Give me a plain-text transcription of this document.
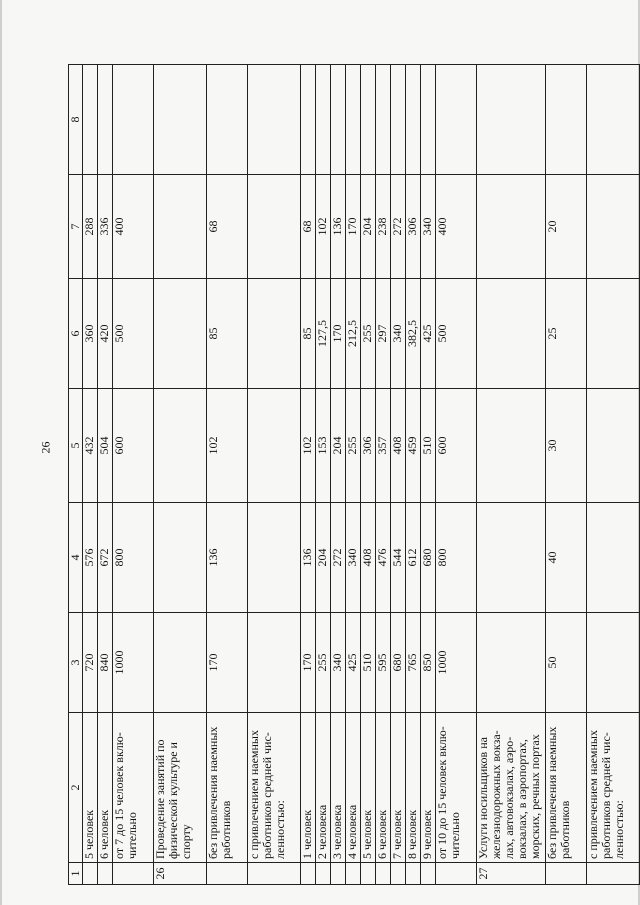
26
1	2	3	4	5	6	7	8
	5 человек	720	576	432	360	288	
	6 человек	840	672	504	420	336	
	от 7 до 15 человек вклю-чительно	1000	800	600	500	400	
26	Проведение занятий по физической культуре и спорту						
	без привлечения наемных работников	170	136	102	85	68	
	с привлечением наемных работников средней чис-ленностью:						
	1 человек	170	136	102	85	68	
	2 человека	255	204	153	127,5	102	
	3 человека	340	272	204	170	136	
	4 человека	425	340	255	212,5	170	
	5 человек	510	408	306	255	204	
	6 человек	595	476	357	297	238	
	7 человек	680	544	408	340	272	
	8 человек	765	612	459	382,5	306	
	9 человек	850	680	510	425	340	
	от 10 до 15 человек вклю-чительно	1000	800	600	500	400	
27	Услуги носильщиков на железнодорожных вокза-лах, автовокзалах, аэро-вокзалах, в аэропортах, морских, речных портах						
	без привлечения наемных работников	50	40	30	25	20	
	с привлечением наемных работников средней чис-ленностью:						
